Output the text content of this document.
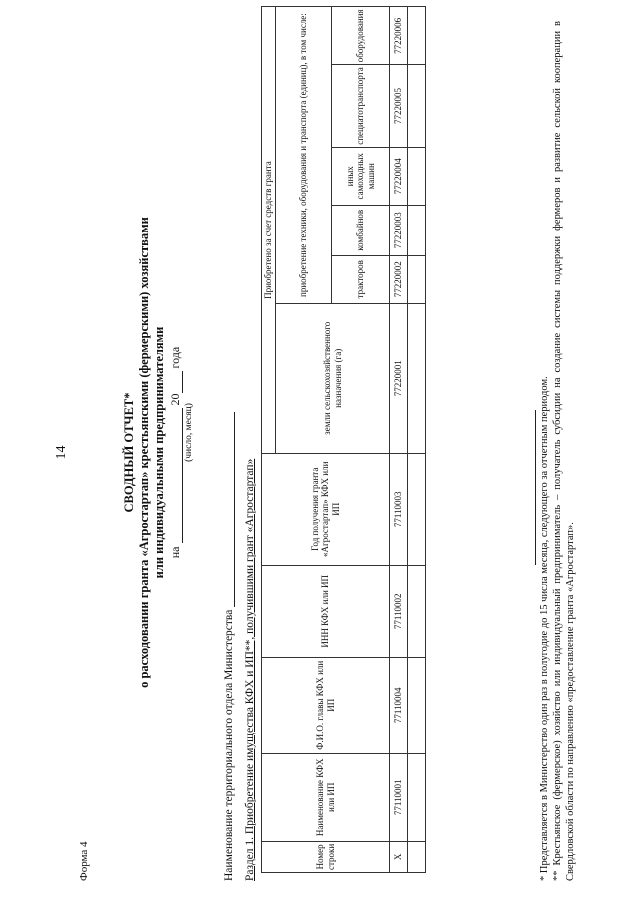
14
Форма 4
СВОДНЫЙ ОТЧЕТ* о расходовании гранта «Агростартап» крестьянскими (фермерскими) хозяйствами или индивидуальными предпринимателями на  20 года
(число, месяц)
Наименование территориального отдела Министерства Раздел 1. Приобретение имущества КФХ и ИП**, получившими грант «Агростартап»	Номер строки	Наименование КФХ или ИП	Ф.И.О. главы КФХ или ИП	ИНН КФХ или ИП	Год получения гранта «Агростартап» КФХ или ИП	Приобретено за счет средств гранта					
					земли сельскохозяйственного назначения (га)	приобретение техники, оборудования и транспорта (единиц), в том числе:				
						тракторов	комбайнов	иных самоходных машин	специатотранспорта	оборудования
X	77110001	77110004	77110002	77110003	77220001	77220002	77220003	77220004	77220005	77220006

* Представляется в Министерство один раз в полугодие до 15 числа месяца, следующего за отчетным периодом. ** Крестьянское (фермерское) хозяйство или индивидуальный предприниматель – получатель субсидии на создание системы поддержки фермеров и развитие сельской кооперации в Свердловской области по направлению «предоставление гранта «Агростартап».
